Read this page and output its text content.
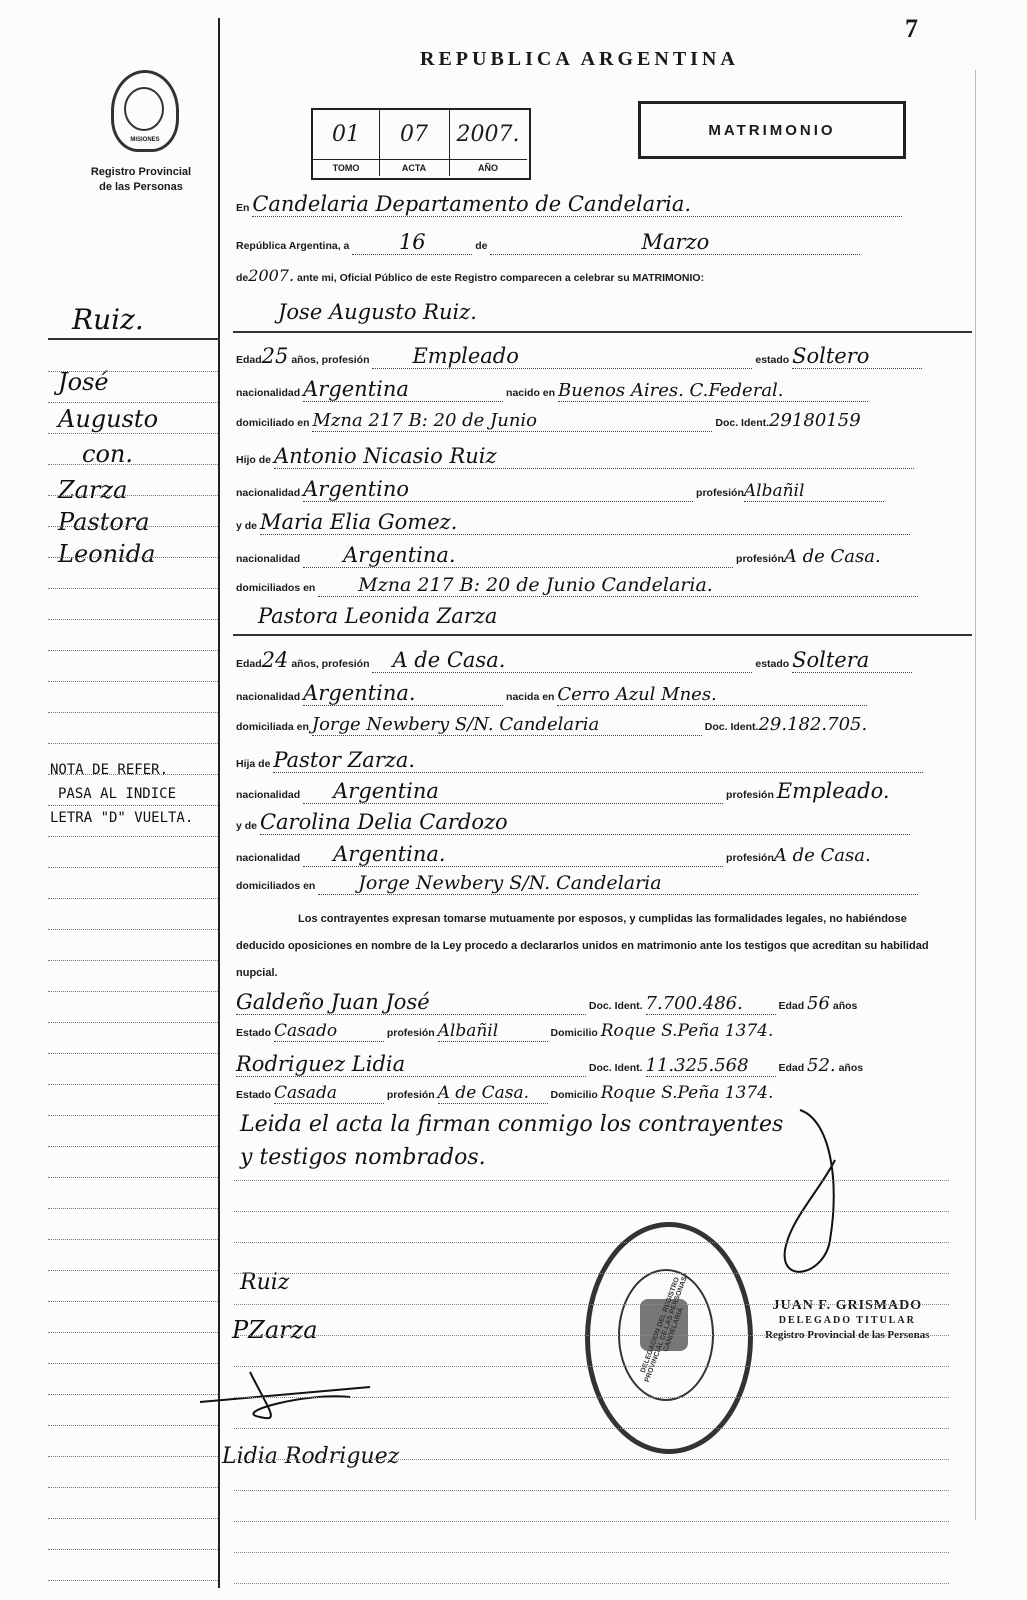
7
REPUBLICA ARGENTINA
MATRIMONIO
MISIONES
Registro Provincial
de las Personas
01
TOMO
07
ACTA
2007.
AÑO
En Candelaria Departamento de Candelaria.
República Argentina, a 16	de	Marzo
de2007. ante mi, Oficial Público de este Registro comparecen a celebrar su MATRIMONIO:
Jose Augusto Ruiz.
Edad25 años, profesión Empleado	estado Soltero
nacionalidad Argentina	nacido en Buenos Aires. C.Federal.
domiciliado en Mzna 217 B: 20 de Junio	Doc. Ident.29180159
Hijo de Antonio Nicasio Ruiz
nacionalidad Argentino	profesiónAlbañil
y de Maria Elia Gomez.
nacionalidad Argentina.	profesiónA de Casa.
domiciliados en Mzna 217 B: 20 de Junio Candelaria.
Pastora Leonida Zarza
Edad24 años, profesión A de Casa.	estado Soltera
nacionalidad Argentina.	nacida en Cerro Azul Mnes.
domiciliada en Jorge Newbery S/N. Candelaria	Doc. Ident.29.182.705.
Hija de Pastor Zarza.
nacionalidad Argentina	profesión Empleado.
y de Carolina Delia Cardozo
nacionalidad Argentina.	profesiónA de Casa.
domiciliados en Jorge Newbery S/N. Candelaria
Los contrayentes expresan tomarse mutuamente por esposos, y cumplidas las formalidades legales, no habiéndose deducido oposiciones en nombre de la Ley procedo a declararlos unidos en matrimonio ante los testigos que acreditan su habilidad nupcial.
Galdeño Juan José	Doc. Ident. 7.700.486.	Edad 56 años
Estado Casado	profesión Albañil	Domicilio Roque S.Peña 1374.
Rodriguez Lidia	Doc. Ident. 11.325.568	Edad 52. años
Estado Casada	profesión A de Casa. Domicilio Roque S.Peña 1374.
Leida el acta la firman conmigo los contrayentes
y testigos nombrados.
Ruiz.
José
Augusto
con.
Zarza
Pastora
Leonida
NOTA DE REFER.
PASA AL INDICE
LETRA "D" VUELTA.
DELEGACION DEL REGISTRO PROVINCIAL DE LAS PERSONAS · CANDELARIA
JUAN F. GRISMADO
DELEGADO TITULAR
Registro Provincial de las Personas
Ruiz
PZarza
Lidia Rodriguez
